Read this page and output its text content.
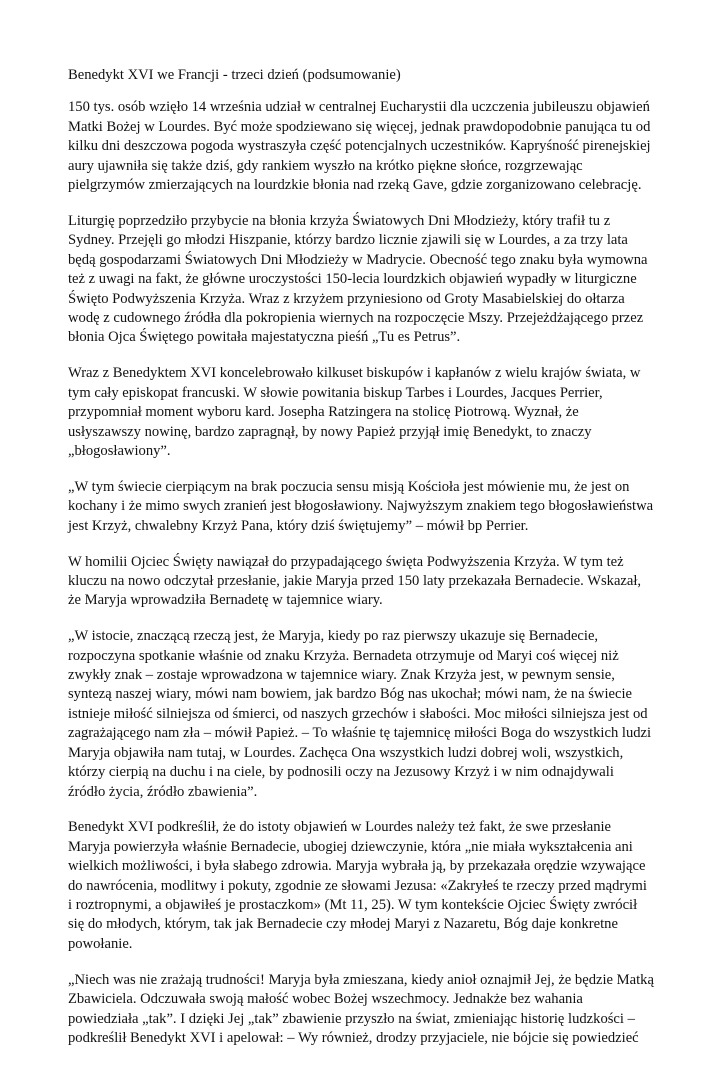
Benedykt XVI we Francji - trzeci dzień (podsumowanie)

150 tys. osób wzięło 14 września udział w centralnej Eucharystii dla uczczenia jubileuszu objawień
Matki Bożej w Lourdes. Być może spodziewano się więcej, jednak prawdopodobnie panująca tu od
kilku dni deszczowa pogoda wystraszyła część potencjalnych uczestników. Kapryśność pirenejskiej
aury ujawniła się także dziś, gdy rankiem wyszło na krótko piękne słońce, rozgrzewając
pielgrzymów zmierzających na lourdzkie błonia nad rzeką Gave, gdzie zorganizowano celebrację.

Liturgię poprzedziło przybycie na błonia krzyża Światowych Dni Młodzieży, który trafił tu z
Sydney. Przejęli go młodzi Hiszpanie, którzy bardzo licznie zjawili się w Lourdes, a za trzy lata
będą gospodarzami Światowych Dni Młodzieży w Madrycie. Obecność tego znaku była wymowna
też z uwagi na fakt, że główne uroczystości 150-lecia lourdzkich objawień wypadły w liturgiczne
Święto Podwyższenia Krzyża. Wraz z krzyżem przyniesiono od Groty Masabielskiej do ołtarza
wodę z cudownego źródła dla pokropienia wiernych na rozpoczęcie Mszy. Przejeżdżającego przez
błonia Ojca Świętego powitała majestatyczna pieśń „Tu es Petrus”.

Wraz z Benedyktem XVI koncelebrowało kilkuset biskupów i kapłanów z wielu krajów świata, w
tym cały episkopat francuski. W słowie powitania biskup Tarbes i Lourdes, Jacques Perrier,
przypomniał moment wyboru kard. Josepha Ratzingera na stolicę Piotrową. Wyznał, że
usłyszawszy nowinę, bardzo zapragnął, by nowy Papież przyjął imię Benedykt, to znaczy
„błogosławiony”.

„W tym świecie cierpiącym na brak poczucia sensu misją Kościoła jest mówienie mu, że jest on
kochany i że mimo swych zranień jest błogosławiony. Najwyższym znakiem tego błogosławieństwa
jest Krzyż, chwalebny Krzyż Pana, który dziś świętujemy” – mówił bp Perrier.

W homilii Ojciec Święty nawiązał do przypadającego święta Podwyższenia Krzyża. W tym też
kluczu na nowo odczytał przesłanie, jakie Maryja przed 150 laty przekazała Bernadecie. Wskazał,
że Maryja wprowadziła Bernadetę w tajemnice wiary.

„W istocie, znaczącą rzeczą jest, że Maryja, kiedy po raz pierwszy ukazuje się Bernadecie,
rozpoczyna spotkanie właśnie od znaku Krzyża. Bernadeta otrzymuje od Maryi coś więcej niż
zwykły znak – zostaje wprowadzona w tajemnice wiary. Znak Krzyża jest, w pewnym sensie,
syntezą naszej wiary, mówi nam bowiem, jak bardzo Bóg nas ukochał; mówi nam, że na świecie
istnieje miłość silniejsza od śmierci, od naszych grzechów i słabości. Moc miłości silniejsza jest od
zagrażającego nam zła – mówił Papież. – To właśnie tę tajemnicę miłości Boga do wszystkich ludzi
Maryja objawiła nam tutaj, w Lourdes. Zachęca Ona wszystkich ludzi dobrej woli, wszystkich,
którzy cierpią na duchu i na ciele, by podnosili oczy na Jezusowy Krzyż i w nim odnajdywali
źródło życia, źródło zbawienia”.

Benedykt XVI podkreślił, że do istoty objawień w Lourdes należy też fakt, że swe przesłanie
Maryja powierzyła właśnie Bernadecie, ubogiej dziewczynie, która „nie miała wykształcenia ani
wielkich możliwości, i była słabego zdrowia. Maryja wybrała ją, by przekazała orędzie wzywające
do nawrócenia, modlitwy i pokuty, zgodnie ze słowami Jezusa: «Zakryłeś te rzeczy przed mądrymi
i roztropnymi, a objawiłeś je prostaczkom» (Mt 11, 25). W tym kontekście Ojciec Święty zwrócił
się do młodych, którym, tak jak Bernadecie czy młodej Maryi z Nazaretu, Bóg daje konkretne
powołanie.

„Niech was nie zrażają trudności! Maryja była zmieszana, kiedy anioł oznajmił Jej, że będzie Matką
Zbawiciela. Odczuwała swoją małość wobec Bożej wszechmocy. Jednakże bez wahania
powiedziała „tak”. I dzięki Jej „tak” zbawienie przyszło na świat, zmieniając historię ludzkości –
podkreślił Benedykt XVI i apelował: – Wy również, drodzy przyjaciele, nie bójcie się powiedzieć
